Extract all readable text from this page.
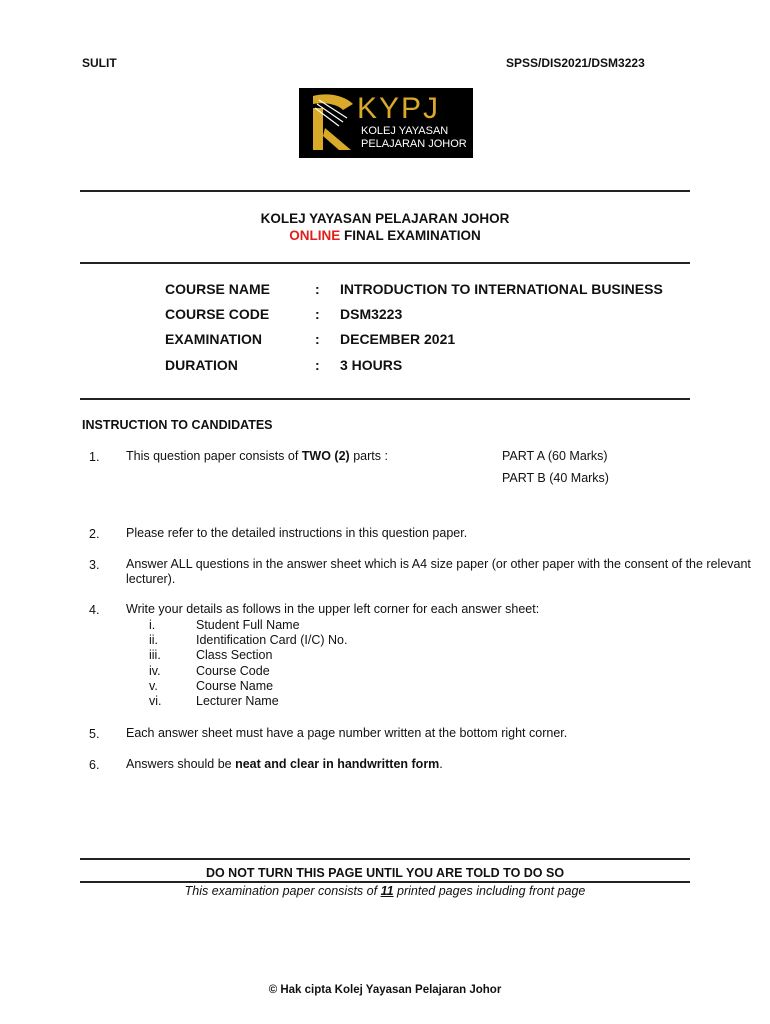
SULIT	SPSS/DIS2021/DSM3223
KYPJ
KOLEJ YAYASAN
PELAJARAN JOHOR
KOLEJ YAYASAN PELAJARAN JOHOR
ONLINE FINAL EXAMINATION
COURSE NAME	: INTRODUCTION TO INTERNATIONAL BUSINESS
COURSE CODE	: DSM3223
EXAMINATION	: DECEMBER 2021
DURATION	: 3 HOURS
INSTRUCTION TO CANDIDATES
1. This question paper consists of TWO (2) parts :	PART A (60 Marks)
PART B (40 Marks)
2. Please refer to the detailed instructions in this question paper.
3. Answer ALL questions in the answer sheet which is A4 size paper (or other paper with the consent of the relevant lecturer).
4. Write your details as follows in the upper left corner for each answer sheet:
i.	Student Full Name
ii.	Identification Card (I/C) No.
iii.	Class Section
iv.	Course Code
v.	Course Name
vi.	Lecturer Name
5. Each answer sheet must have a page number written at the bottom right corner.
6. Answers should be neat and clear in handwritten form.
DO NOT TURN THIS PAGE UNTIL YOU ARE TOLD TO DO SO
This examination paper consists of 11 printed pages including front page
© Hak cipta Kolej Yayasan Pelajaran Johor
